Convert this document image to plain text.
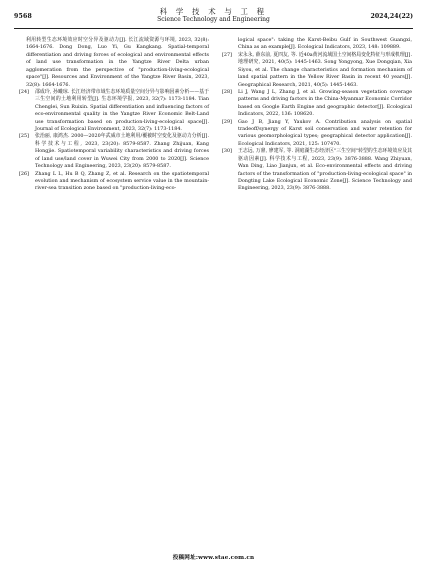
9568
科 学 技 术 与 工 程
Science Technology and Engineering	2024,24(22)

利用转型生态环境效应时空分异及驱动力[J]. 长江流域资源与环境, 2023, 32(8): 1664-1676. Dong Dong, Luo Yi, Gu Kangkang. Spatial-temporal differentiation and driving forces of ecological and environmental effects of land use transformation in the Yangtze River Delta urban agglomeration from the perspective of "production-living-ecological space"[J]. Resources and Environment of the Yangtze River Basin, 2023, 32(8): 1664-1676.

[24] 邵成玲, 孙曦琼. 长江经济带市域生态环境质量空间分异与影响因素分析——基于三生空间的土地利用转型[J]. 生态环境学报, 2023, 32(7): 1173-1184. Tian Chenglei, Sun Ruixin. Spatial differentiation and influencing factors of eco-environmental quality in the Yangtze River Economic Belt-Land use transformation based on production-living-ecological space[J]. Journal of Ecological Environment, 2023, 32(7): 1173-1184.

[25] 张治丽, 康鸿杰. 2000—2020年武威市土地利用/覆被时空变化及驱动力分析[J]. 科学技术与工程, 2023, 23(20): 8579-8587. Zhang Zhijuan, Kang Hongjie. Spatiotemporal variability characteristics and driving forces of land use/land cover in Wuwei City from 2000 to 2020[J]. Science Technology and Engineering, 2023, 23(20): 8579-8587.

[26] Zhang L L, Hu B Q, Zhang Z, et al. Research on the spatiotemporal evolution and mechanism of ecosystem service value in the mountain-river-sea transition zone based on "production-living-eco-

logical space": taking the Karst-Beibu Gulf in Southwest Guangxi, China as an example[J]. Ecological Indicators, 2023, 148: 109889.

[27] 宋永永, 薛东前, 夏四友, 等. 近40a黄河流域国土空间格局变化特征与形成机理[J]. 地理研究, 2021, 40(5): 1445-1463. Song Yongyong, Xue Dongqian, Xia Siyou, et al. The change characteristics and formation mechanism of land spatial pattern in the Yellow River Basin in recent 40 years[J]. Geographical Research, 2021, 40(5): 1445-1463.

[28] Li J, Wang J L, Zhang J, et al. Growing-season vegetation coverage patterns and driving factors in the China-Myanmar Economic Corridor based on Google Earth Engine and geographic detector[J]. Ecological Indicators, 2022, 136: 108620.

[29] Gao J B, Jiang Y, Yaukov A. Contribution analysis on spatial tradeoff/synergy of Karst soil conservation and water retention for various geomorphological types; geographical detector application[J]. Ecological Indicators, 2021, 125: 107470.

[30] 王志远, 万鼎, 廖建军, 等. 洞庭湖生态经济区"三生空间"转型的生态环境效应及其驱动因素[J]. 科学技术与工程, 2023, 23(9): 3876-3888. Wang Zhiyuan, Wan Ding, Liao Jianjun, et al. Eco-environmental effects and driving factors of the transformation of "production-living-ecological space" in Dongting Lake Ecological Economic Zone[J]. Science Technology and Engineering, 2023, 23(9): 3876-3888.

投稿网址:www.stae.com.cn
